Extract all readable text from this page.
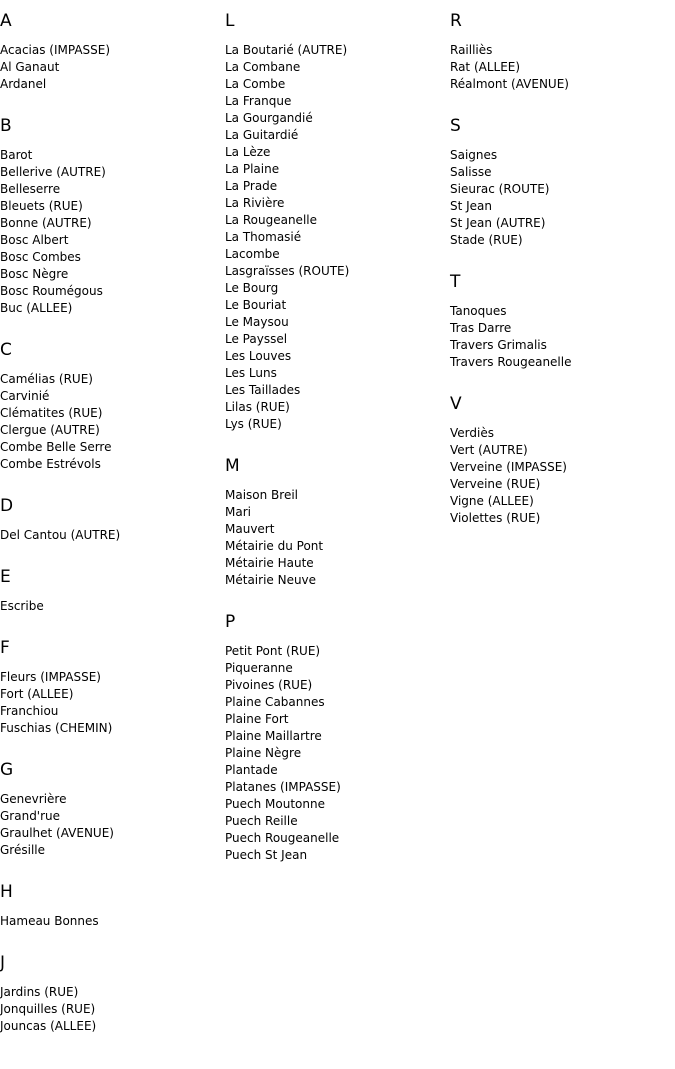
A
Acacias (IMPASSE)
Al Ganaut
Ardanel
B
Barot
Bellerive (AUTRE)
Belleserre
Bleuets (RUE)
Bonne (AUTRE)
Bosc Albert
Bosc Combes
Bosc Nègre
Bosc Roumégous
Buc (ALLEE)
C
Camélias (RUE)
Carvinié
Clématites (RUE)
Clergue (AUTRE)
Combe Belle Serre
Combe Estrévols
D
Del Cantou (AUTRE)
E
Escribe
F
Fleurs (IMPASSE)
Fort (ALLEE)
Franchiou
Fuschias (CHEMIN)
G
Genevrière
Grand'rue
Graulhet (AVENUE)
Grésille
H
Hameau Bonnes
J
Jardins (RUE)
Jonquilles (RUE)
Jouncas (ALLEE)
L
La Boutarié (AUTRE)
La Combane
La Combe
La Franque
La Gourgandié
La Guitardié
La Lèze
La Plaine
La Prade
La Rivière
La Rougeanelle
La Thomasié
Lacombe
Lasgraïsses (ROUTE)
Le Bourg
Le Bouriat
Le Maysou
Le Payssel
Les Louves
Les Luns
Les Taillades
Lilas (RUE)
Lys (RUE)
M
Maison Breil
Mari
Mauvert
Métairie du Pont
Métairie Haute
Métairie Neuve
P
Petit Pont (RUE)
Piqueranne
Pivoines (RUE)
Plaine Cabannes
Plaine Fort
Plaine Maillartre
Plaine Nègre
Plantade
Platanes (IMPASSE)
Puech Moutonne
Puech Reille
Puech Rougeanelle
Puech St Jean
R
Railliès
Rat (ALLEE)
Réalmont (AVENUE)
S
Saignes
Salisse
Sieurac (ROUTE)
St Jean
St Jean (AUTRE)
Stade (RUE)
T
Tanoques
Tras Darre
Travers Grimalis
Travers Rougeanelle
V
Verdiès
Vert (AUTRE)
Verveine (IMPASSE)
Verveine (RUE)
Vigne (ALLEE)
Violettes (RUE)
